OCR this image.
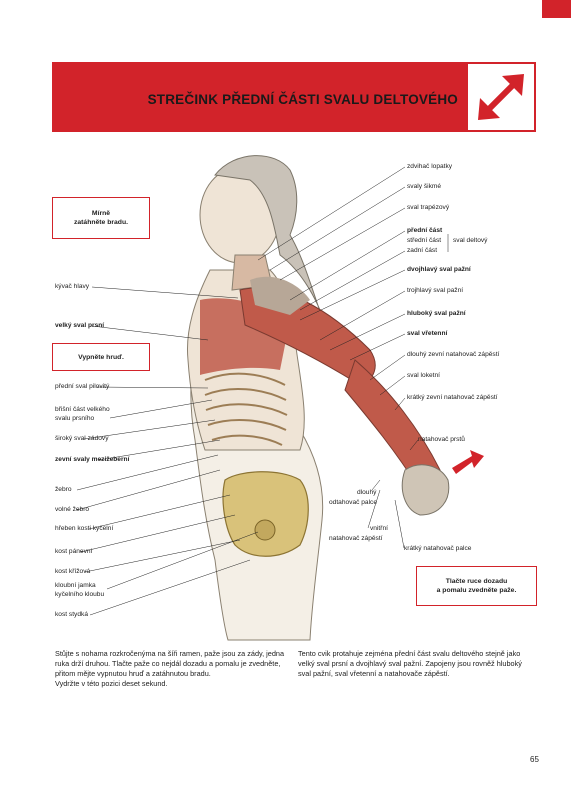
STREČINK PŘEDNÍ ČÁSTI SVALU DELTOVÉHO
Mírně
zatáhněte bradu.
Vypněte hruď.
Tlačte ruce dozadu
a pomalu zvedněte paže.
kývač hlavy
velký sval prsní
přední sval pilovitý
břišní část velkého
svalu prsního
široký sval zádový
zevní svaly mezižeberní
žebro
volné žebro
hřeben kosti kyčelní
kost pánevní
kost křížová
kloubní jamka
kyčelního kloubu
kost stydká
zdvihač lopatky
svaly šikmé
sval trapézový
přední část
střední část
zadní část
sval deltový
dvojhlavý sval pažní
trojhlavý sval pažní
hluboký sval pažní
sval vřetenní
dlouhý zevní natahovač zápěstí
sval loketní
krátký zevní natahovač zápěstí
natahovač prstů
dlouhý
odtahovač palce
vnitřní
natahovač zápěstí
krátký natahovač palce
Stůjte s nohama rozkročenýma na šíři ramen, paže jsou za zády, jedna
ruka drží druhou. Tlačte paže co nejdál dozadu a pomalu je zvedněte,
přitom mějte vypnutou hruď a zatáhnutou bradu.
Vydržte v této pozici deset sekund.
Tento cvik protahuje zejména přední část svalu deltového stejně jako
velký sval prsní a dvojhlavý sval pažní. Zapojeny jsou rovněž hluboký
sval pažní, sval vřetenní a natahovače zápěstí.
65
